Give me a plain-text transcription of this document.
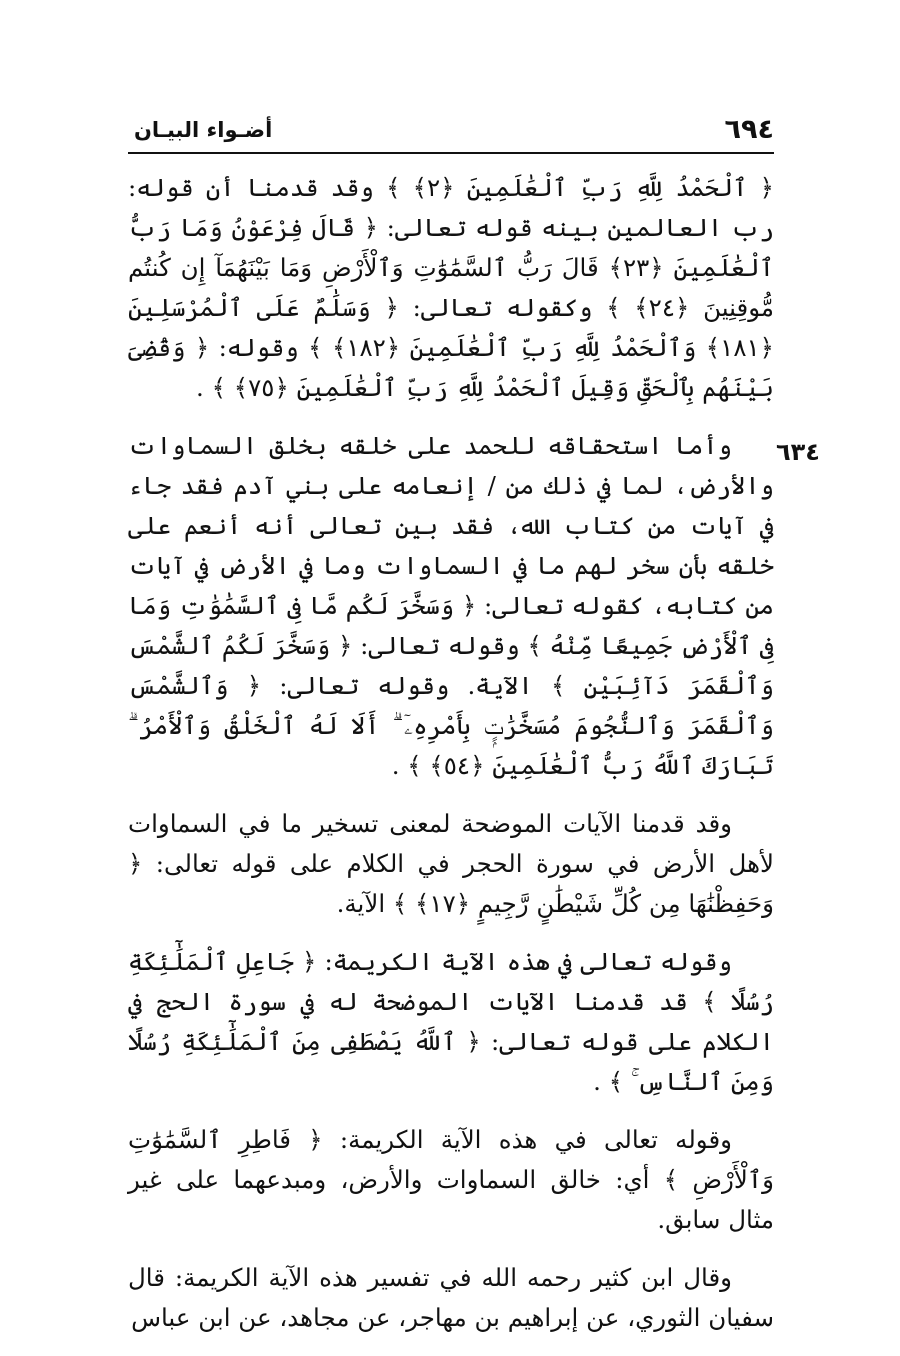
٦٩٤
أضـواء البيـان
٦٣٤

﴿ ٱلْحَمْدُ لِلَّهِ رَبِّ ٱلْعَٰلَمِينَ ﴿٢﴾ ﴾ وقد قدمنا أن قوله: رب العالمين بينه قوله تعالى: ﴿ قَالَ فِرْعَوْنُ وَمَا رَبُّ ٱلْعَٰلَمِينَ ﴿٢٣﴾ قَالَ رَبُّ ٱلسَّمَٰوَٰتِ وَٱلْأَرْضِ وَمَا بَيْنَهُمَآ إِن كُنتُم مُّوقِنِينَ ﴿٢٤﴾ ﴾ وكقوله تعالى: ﴿ وَسَلَٰمٌ عَلَى ٱلْمُرْسَلِينَ ﴿١٨١﴾ وَٱلْحَمْدُ لِلَّهِ رَبِّ ٱلْعَٰلَمِينَ ﴿١٨٢﴾ ﴾ وقوله: ﴿ وَقُضِىَ بَيْنَهُم بِٱلْحَقِّ وَقِيلَ ٱلْحَمْدُ لِلَّهِ رَبِّ ٱلْعَٰلَمِينَ ﴿٧٥﴾ ﴾ .

وأما استحقاقه للحمد على خلقه بخلق السماوات والأرض، لما في ذلك من / إنعامه على بني آدم فقد جاء في آيات من كتاب الله، فقد بين تعالى أنه أنعم على خلقه بأن سخر لهم ما في السماوات وما في الأرض في آيات من كتابه، كقوله تعالى: ﴿ وَسَخَّرَ لَكُم مَّا فِى ٱلسَّمَٰوَٰتِ وَمَا فِى ٱلْأَرْضِ جَمِيعًا مِّنْهُ ﴾ وقوله تعالى: ﴿ وَسَخَّرَ لَكُمُ ٱلشَّمْسَ وَٱلْقَمَرَ دَآئِبَيْنِ ﴾ الآية. وقوله تعالى: ﴿ وَٱلشَّمْسَ وَٱلْقَمَرَ وَٱلنُّجُومَ مُسَخَّرَٰتٍۭ بِأَمْرِهِۦٓ ۗ أَلَا لَهُ ٱلْخَلْقُ وَٱلْأَمْرُ ۗ تَبَارَكَ ٱللَّهُ رَبُّ ٱلْعَٰلَمِينَ ﴿٥٤﴾ ﴾ .

وقد قدمنا الآيات الموضحة لمعنى تسخير ما في السماوات لأهل الأرض في سورة الحجر في الكلام على قوله تعالى: ﴿ وَحَفِظْنَٰهَا مِن كُلِّ شَيْطَٰنٍ رَّجِيمٍ ﴿١٧﴾ ﴾ الآية.

وقوله تعالى في هذه الآية الكريمة: ﴿ جَاعِلِ ٱلْمَلَٰٓئِكَةِ رُسُلًا ﴾ قد قدمنا الآيات الموضحة له في سورة الحج في الكلام على قوله تعالى: ﴿ ٱللَّهُ يَصْطَفِى مِنَ ٱلْمَلَٰٓئِكَةِ رُسُلًا وَمِنَ ٱلنَّاسِ ۚ ﴾ .

وقوله تعالى في هذه الآية الكريمة: ﴿ فَاطِرِ ٱلسَّمَٰوَٰتِ وَٱلْأَرْضِ ﴾ أي: خالق السماوات والأرض، ومبدعهما على غير مثال سابق.

وقال ابن كثير رحمه الله في تفسير هذه الآية الكريمة: قال سفيان الثوري، عن إبراهيم بن مهاجر، عن مجاهد، عن ابن عباس
